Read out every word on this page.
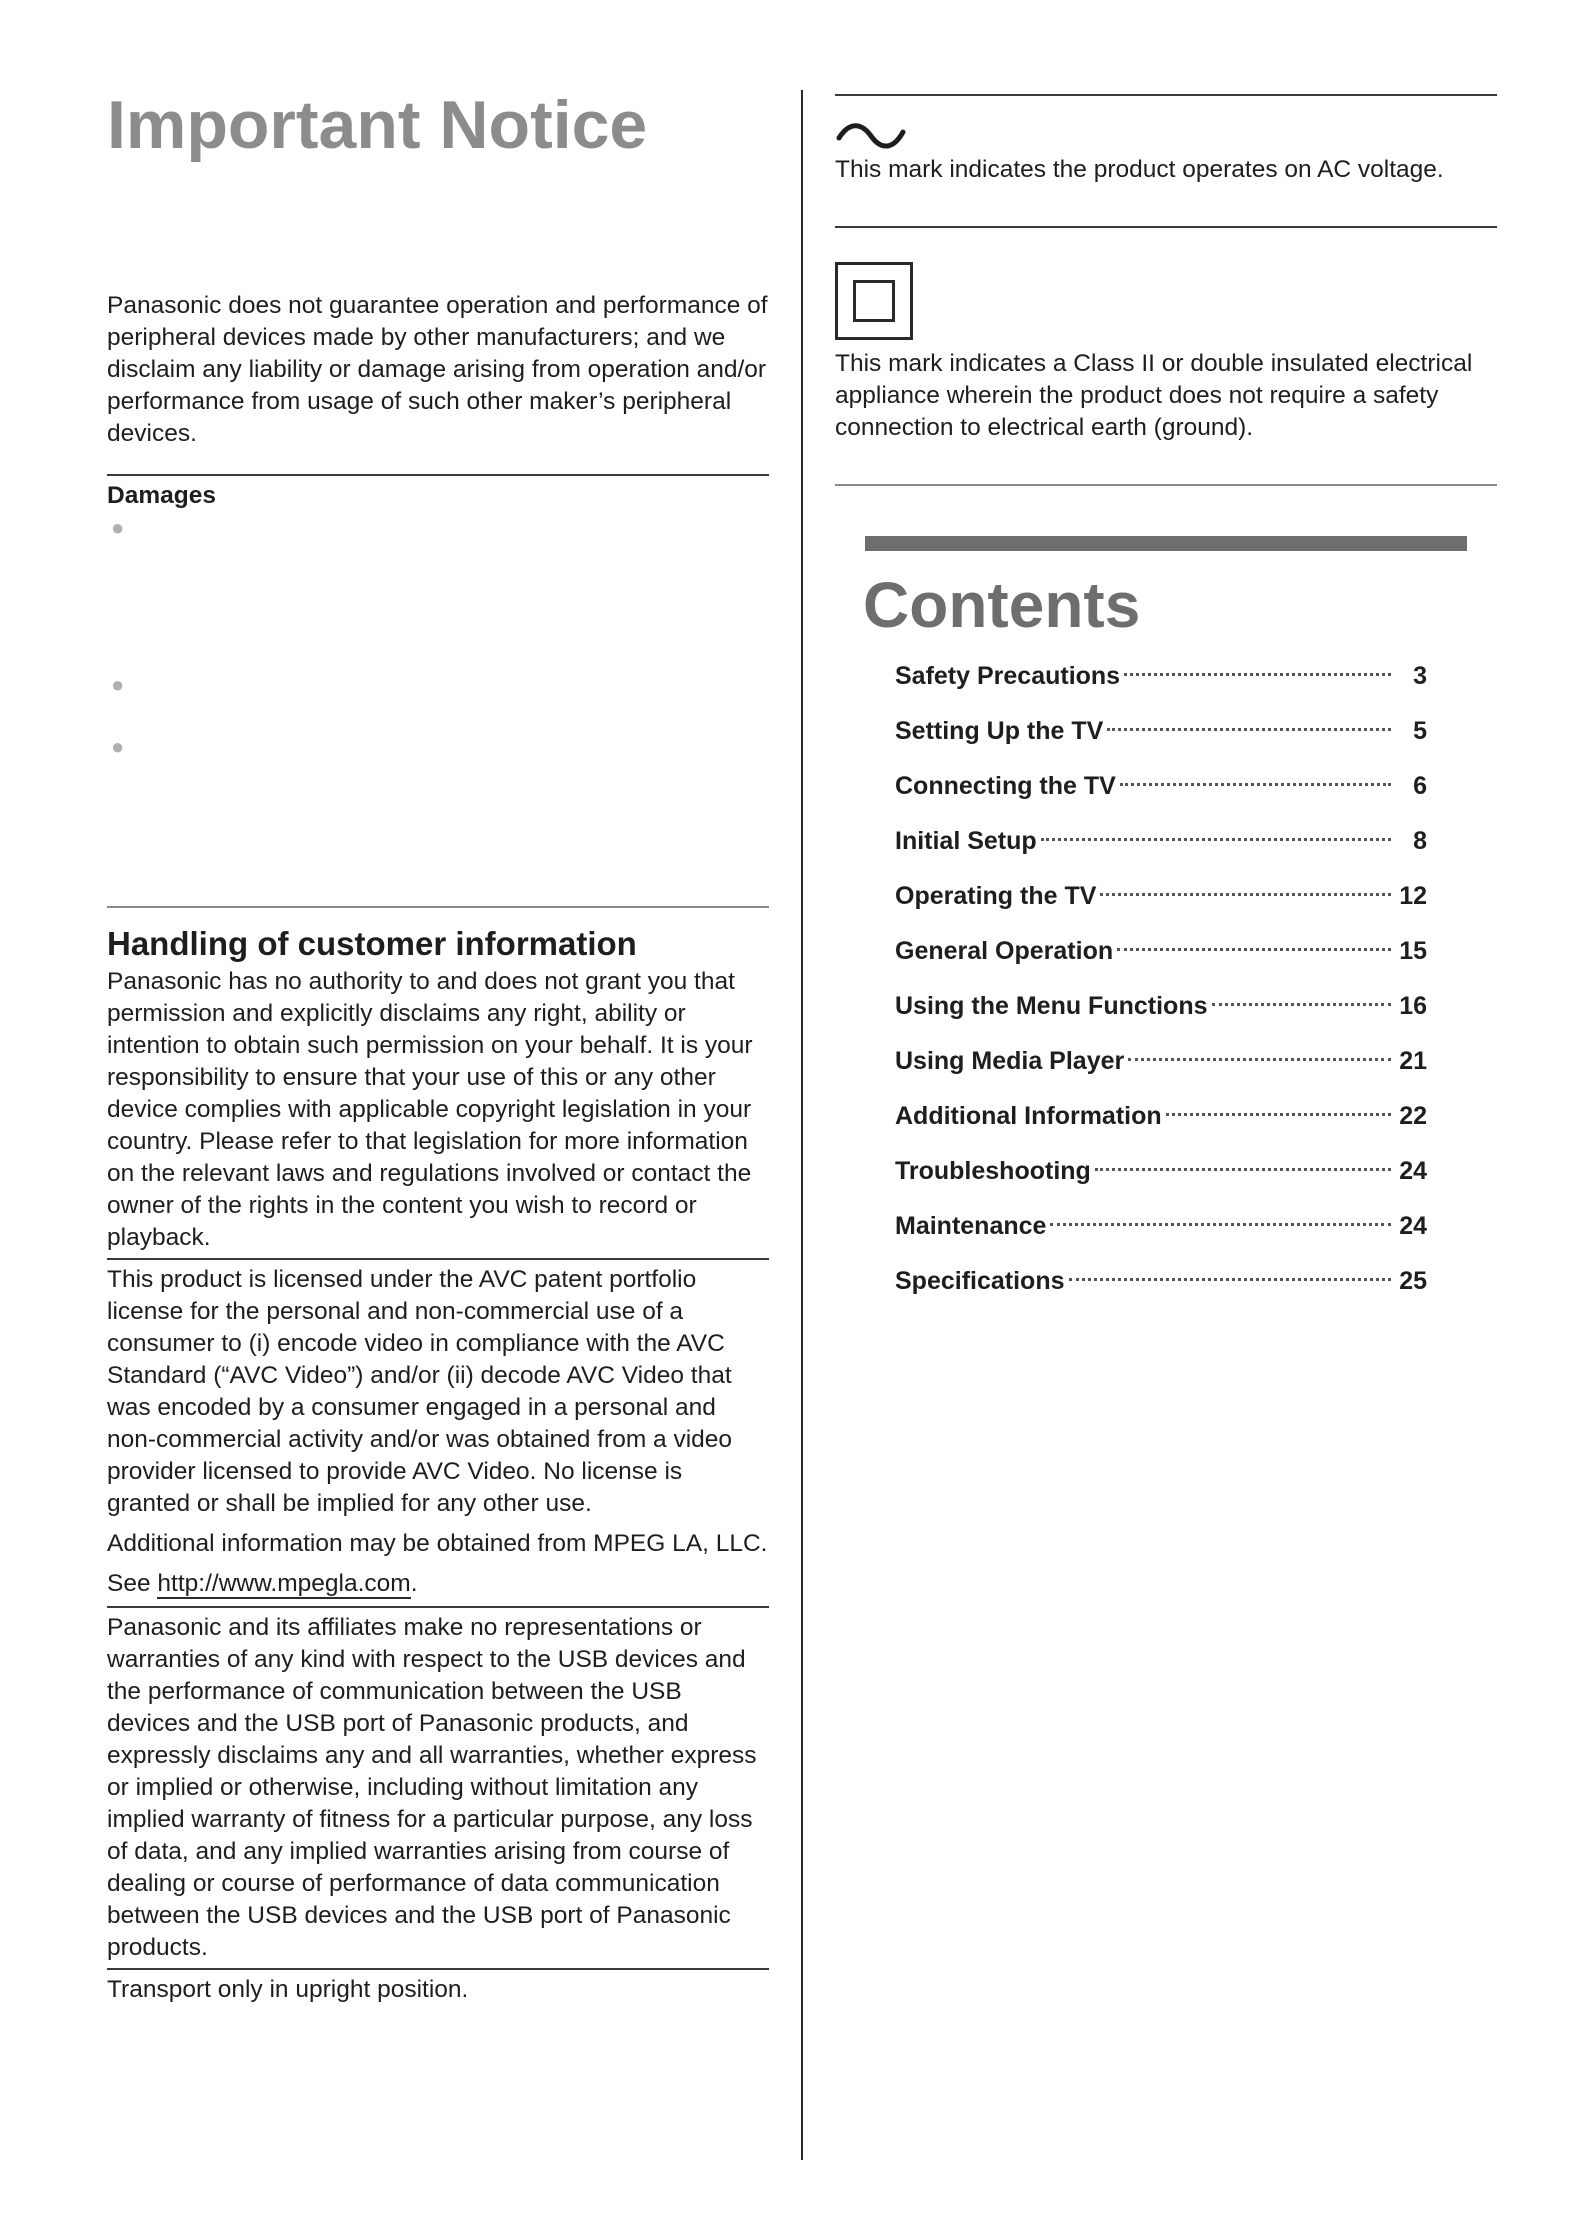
Important Notice

Panasonic does not guarantee operation and performance of peripheral devices made by other manufacturers; and we disclaim any liability or damage arising from operation and/or performance from usage of such other maker’s peripheral devices.

Damages

●
●
●
Handling of customer information

Panasonic has no authority to and does not grant you that permission and explicitly disclaims any right, ability or intention to obtain such permission on your behalf. It is your responsibility to ensure that your use of this or any other device complies with applicable copyright legislation in your country. Please refer to that legislation for more information on the relevant laws and regulations involved or contact the owner of the rights in the content you wish to record or playback.

This product is licensed under the AVC patent portfolio license for the personal and non-commercial use of a consumer to (i) encode video in compliance with the AVC Standard (“AVC Video”) and/or (ii) decode AVC Video that was encoded by a consumer engaged in a personal and non-commercial activity and/or was obtained from a video provider licensed to provide AVC Video. No license is granted or shall be implied for any other use.

Additional information may be obtained from MPEG LA, LLC.

See http://www.mpegla.com.

Panasonic and its affiliates make no representations or warranties of any kind with respect to the USB devices and the performance of communication between the USB devices and the USB port of Panasonic products, and expressly disclaims any and all warranties, whether express or implied or otherwise, including without limitation any implied warranty of fitness for a particular purpose, any loss of data, and any implied warranties arising from course of dealing or course of performance of data communication between the USB devices and the USB port of Panasonic products.

Transport only in upright position.

This mark indicates the product operates on AC voltage.

This mark indicates a Class II or double insulated electrical appliance wherein the product does not require a safety connection to electrical earth (ground).

Contents
Safety Precautions	3
Setting Up the TV	5
Connecting the TV	6
Initial Setup	8
Operating the TV	12
General Operation	15
Using the Menu Functions	16
Using Media Player	21
Additional Information	22
Troubleshooting	24
Maintenance	24
Specifications	25
